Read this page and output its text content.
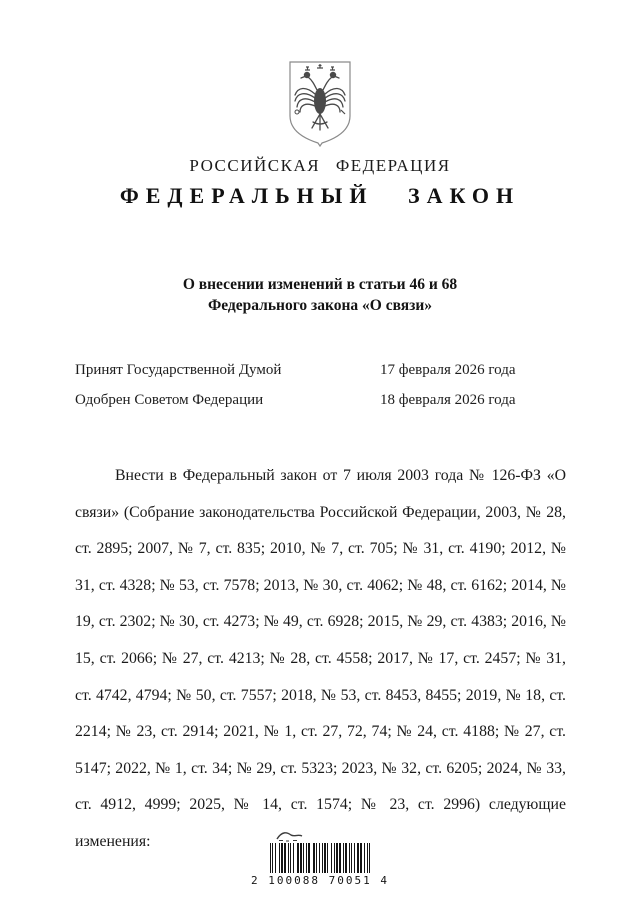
РОССИЙСКАЯ ФЕДЕРАЦИЯ
ФЕДЕРАЛЬНЫЙ ЗАКОН
О внесении изменений в статьи 46 и 68
Федерального закона «О связи»
Принят Государственной Думой	17 февраля 2026 года
Одобрен Советом Федерации	18 февраля 2026 года
Внести в Федеральный закон от 7 июля 2003 года № 126-ФЗ «О связи» (Собрание законодательства Российской Федерации, 2003, № 28, ст. 2895; 2007, № 7, ст. 835; 2010, № 7, ст. 705; № 31, ст. 4190; 2012, № 31, ст. 4328; № 53, ст. 7578; 2013, № 30, ст. 4062; № 48, ст. 6162; 2014, № 19, ст. 2302; № 30, ст. 4273; № 49, ст. 6928; 2015, № 29, ст. 4383; 2016, № 15, ст. 2066; № 27, ст. 4213; № 28, ст. 4558; 2017, № 17, ст. 2457; № 31, ст. 4742, 4794; № 50, ст. 7557; 2018, № 53, ст. 8453, 8455; 2019, № 18, ст. 2214; № 23, ст. 2914; 2021, № 1, ст. 27, 72, 74; № 24, ст. 4188; № 27, ст. 5147; 2022, № 1, ст. 34; № 29, ст. 5323; 2023, № 32, ст. 6205; 2024, № 33, ст. 4912, 4999; 2025, № 14, ст. 1574; № 23, ст. 2996) следующие изменения:
2 100088 70051 4
